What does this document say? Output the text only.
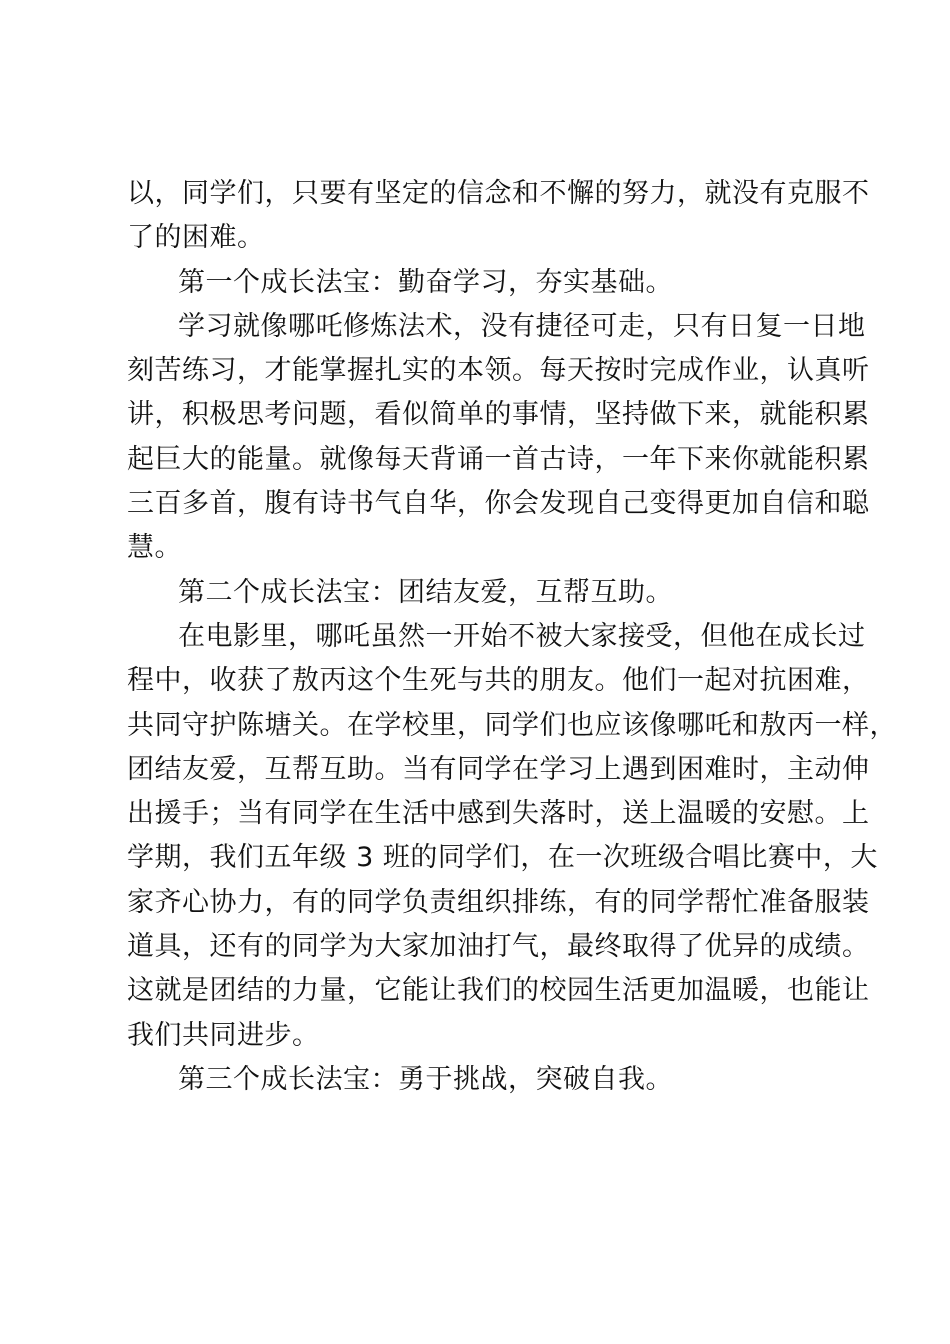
以，同学们，只要有坚定的信念和不懈的努力，就没有克服不
了的困难。
第一个成长法宝：勤奋学习，夯实基础。
学习就像哪吒修炼法术，没有捷径可走，只有日复一日地
刻苦练习，才能掌握扎实的本领。每天按时完成作业，认真听
讲，积极思考问题，看似简单的事情，坚持做下来，就能积累
起巨大的能量。就像每天背诵一首古诗，一年下来你就能积累
三百多首，腹有诗书气自华，你会发现自己变得更加自信和聪
慧。
第二个成长法宝：团结友爱，互帮互助。
在电影里，哪吒虽然一开始不被大家接受，但他在成长过
程中，收获了敖丙这个生死与共的朋友。他们一起对抗困难，
共同守护陈塘关。在学校里，同学们也应该像哪吒和敖丙一样，
团结友爱，互帮互助。当有同学在学习上遇到困难时，主动伸
出援手；当有同学在生活中感到失落时，送上温暖的安慰。上
学期，我们五年级 3 班的同学们，在一次班级合唱比赛中，大
家齐心协力，有的同学负责组织排练，有的同学帮忙准备服装
道具，还有的同学为大家加油打气，最终取得了优异的成绩。
这就是团结的力量，它能让我们的校园生活更加温暖，也能让
我们共同进步。
第三个成长法宝：勇于挑战，突破自我。
